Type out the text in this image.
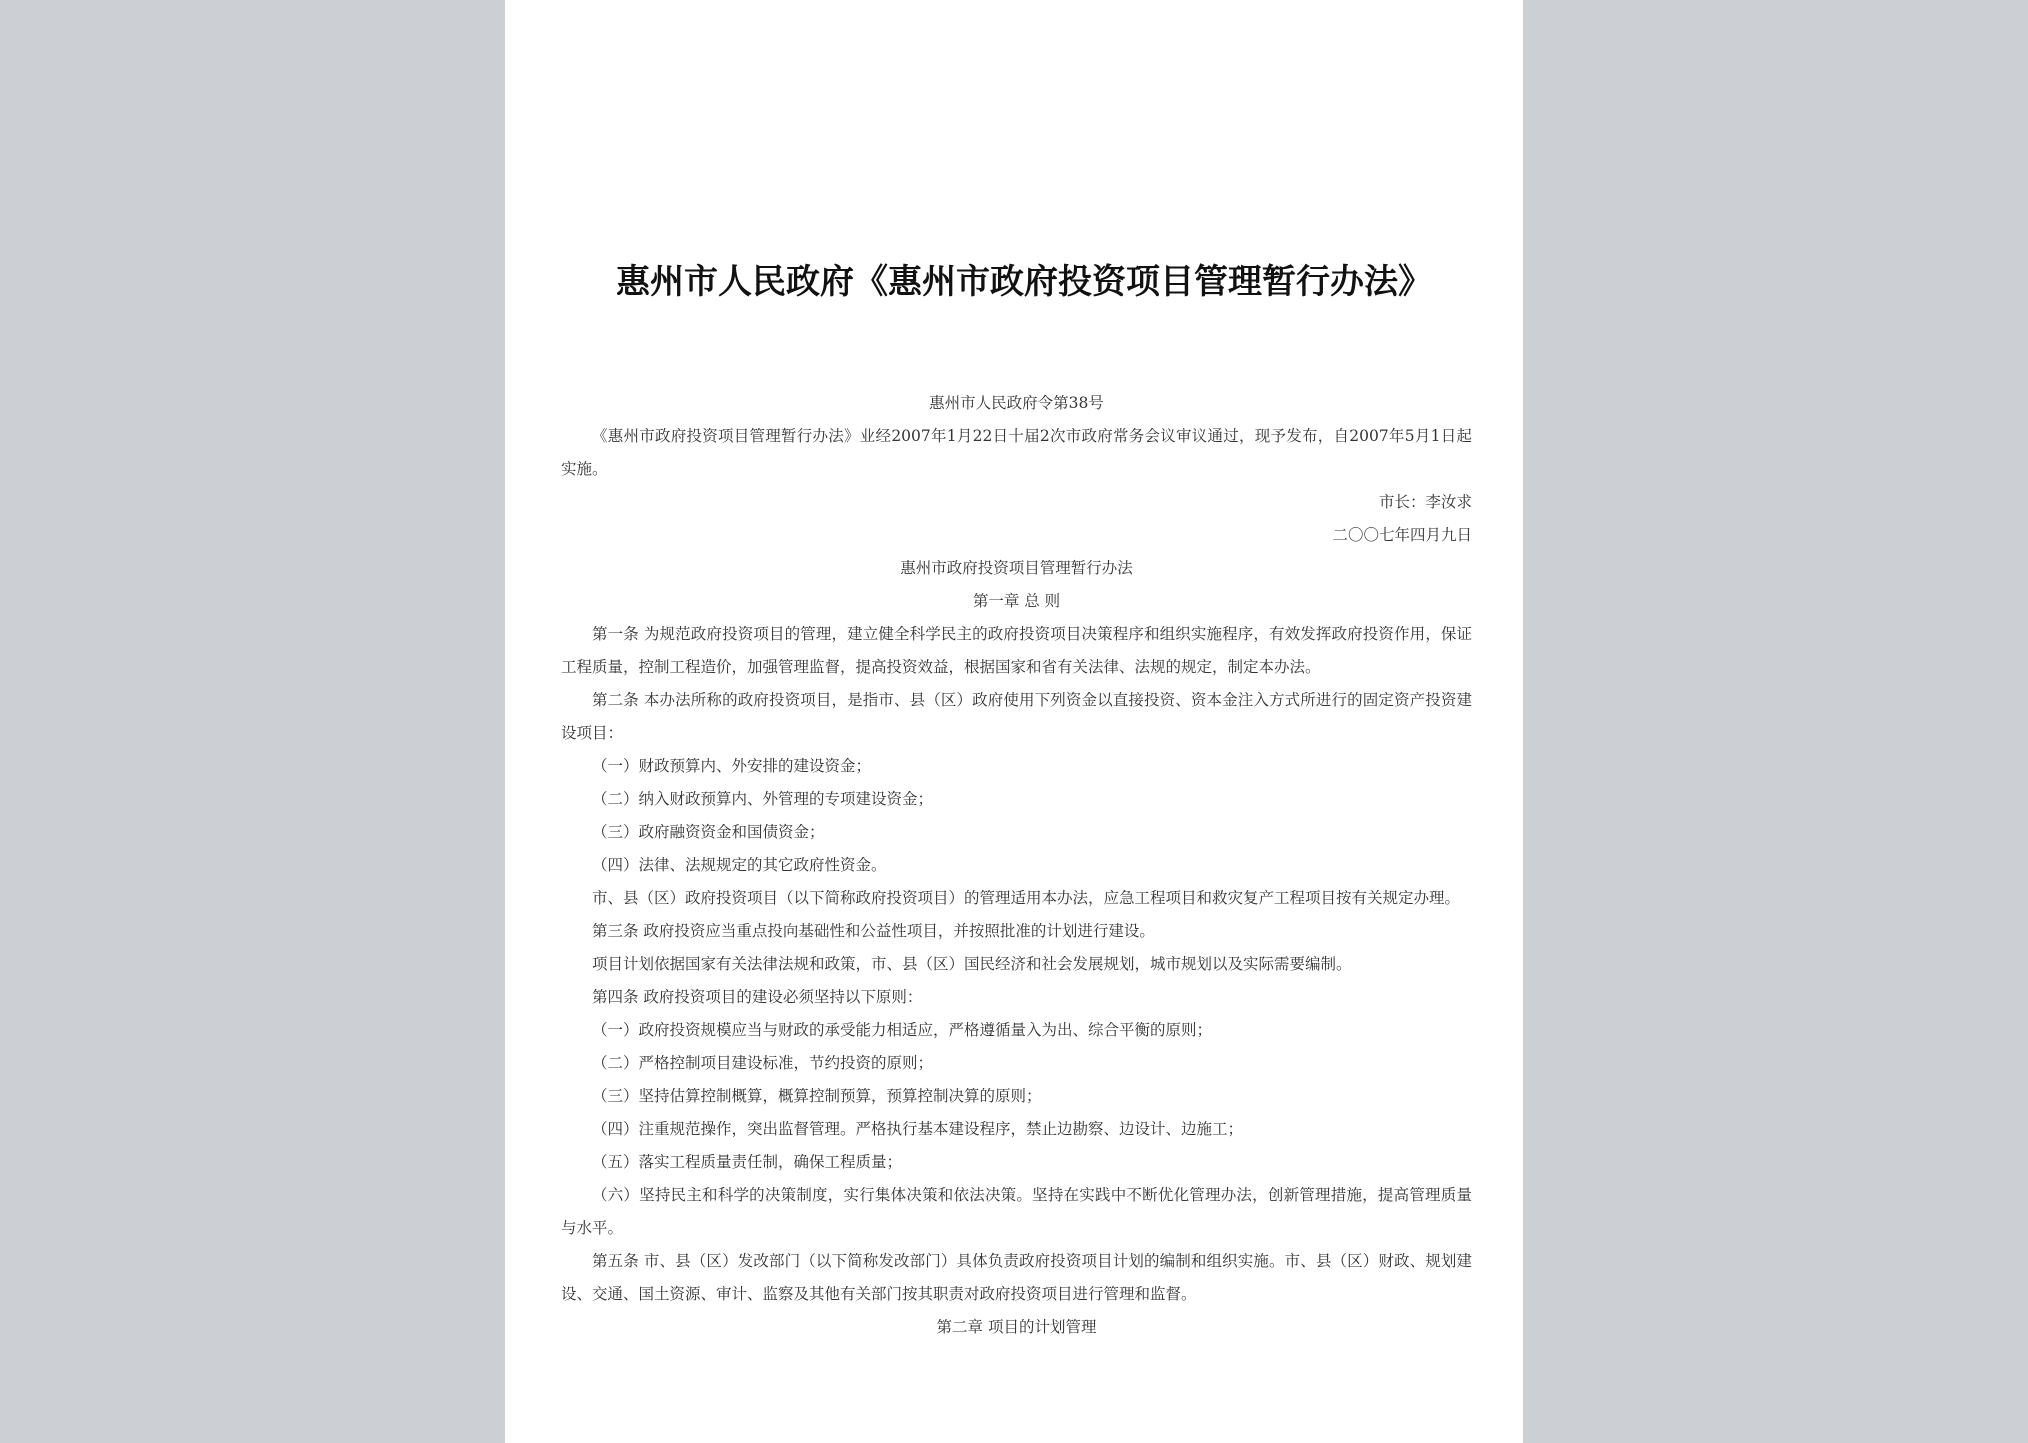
惠州市人民政府《惠州市政府投资项目管理暂行办法》

惠州市人民政府令第38号

《惠州市政府投资项目管理暂行办法》业经2007年1月22日十届2次市政府常务会议审议通过，现予发布，自2007年5月1日起实施。

市长：李汝求

二〇〇七年四月九日

惠州市政府投资项目管理暂行办法

第一章 总 则

第一条 为规范政府投资项目的管理，建立健全科学民主的政府投资项目决策程序和组织实施程序，有效发挥政府投资作用，保证工程质量，控制工程造价，加强管理监督，提高投资效益，根据国家和省有关法律、法规的规定，制定本办法。

第二条 本办法所称的政府投资项目，是指市、县（区）政府使用下列资金以直接投资、资本金注入方式所进行的固定资产投资建设项目：

（一）财政预算内、外安排的建设资金；

（二）纳入财政预算内、外管理的专项建设资金；

（三）政府融资资金和国债资金；

（四）法律、法规规定的其它政府性资金。

市、县（区）政府投资项目（以下简称政府投资项目）的管理适用本办法，应急工程项目和救灾复产工程项目按有关规定办理。

第三条 政府投资应当重点投向基础性和公益性项目，并按照批准的计划进行建设。

项目计划依据国家有关法律法规和政策，市、县（区）国民经济和社会发展规划，城市规划以及实际需要编制。

第四条 政府投资项目的建设必须坚持以下原则：

（一）政府投资规模应当与财政的承受能力相适应，严格遵循量入为出、综合平衡的原则；

（二）严格控制项目建设标准，节约投资的原则；

（三）坚持估算控制概算，概算控制预算，预算控制决算的原则；

（四）注重规范操作，突出监督管理。严格执行基本建设程序，禁止边勘察、边设计、边施工；

（五）落实工程质量责任制，确保工程质量；

（六）坚持民主和科学的决策制度，实行集体决策和依法决策。坚持在实践中不断优化管理办法，创新管理措施，提高管理质量与水平。

第五条 市、县（区）发改部门（以下简称发改部门）具体负责政府投资项目计划的编制和组织实施。市、县（区）财政、规划建设、交通、国土资源、审计、监察及其他有关部门按其职责对政府投资项目进行管理和监督。

第二章 项目的计划管理
